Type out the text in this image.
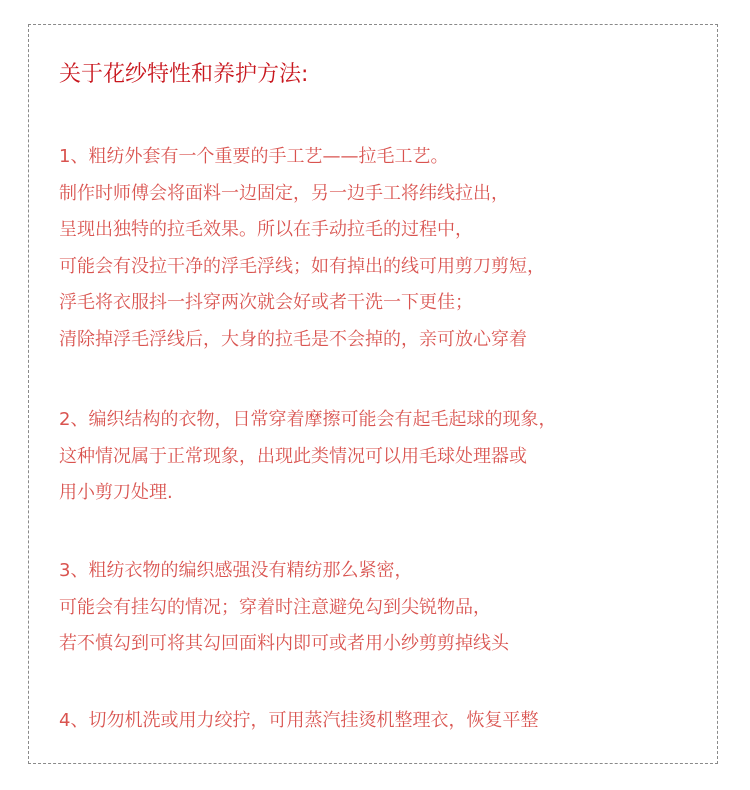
关于花纱特性和养护方法:
1、粗纺外套有一个重要的手工艺——拉毛工艺。
制作时师傅会将面料一边固定，另一边手工将纬线拉出，
呈现出独特的拉毛效果。所以在手动拉毛的过程中，
可能会有没拉干净的浮毛浮线；如有掉出的线可用剪刀剪短，
浮毛将衣服抖一抖穿两次就会好或者干洗一下更佳；
清除掉浮毛浮线后，大身的拉毛是不会掉的，亲可放心穿着
2、编织结构的衣物，日常穿着摩擦可能会有起毛起球的现象，
这种情况属于正常现象，出现此类情况可以用毛球处理器或
用小剪刀处理.
3、粗纺衣物的编织感强没有精纺那么紧密，
可能会有挂勾的情况；穿着时注意避免勾到尖锐物品，
若不慎勾到可将其勾回面料内即可或者用小纱剪剪掉线头
4、切勿机洗或用力绞拧，可用蒸汽挂烫机整理衣，恢复平整
